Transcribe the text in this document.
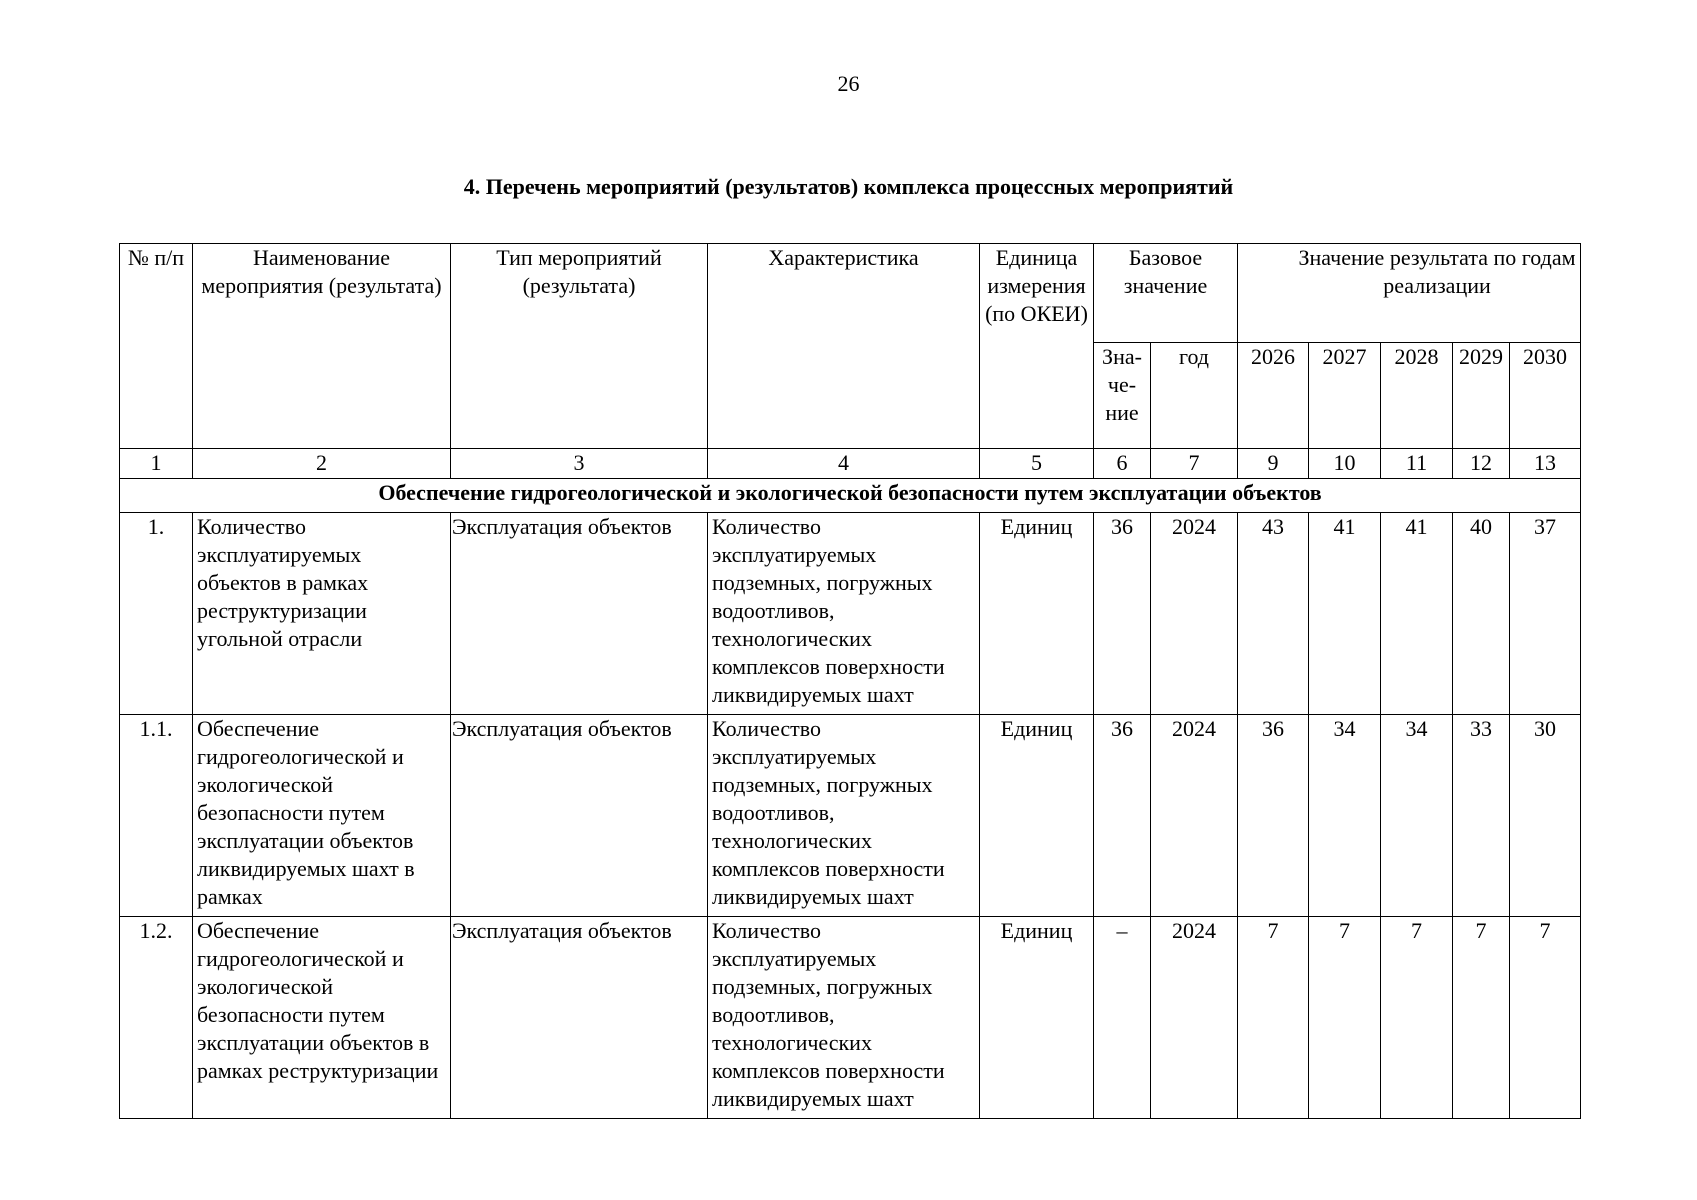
26
4. Перечень мероприятий (результатов) комплекса процессных мероприятий
№ п/п	Наименование мероприятия (результата)	Тип мероприятий (результата)	Характеристика	Единица измерения (по ОКЕИ)	Базовое значение		Значение результата по годам реализации				
					Зна-
че-
ние	год	2026	2027	2028	2029	2030
1	2	3	4	5	6	7	9	10	11	12	13
Обеспечение гидрогеологической и экологической безопасности путем эксплуатации объектов											
1.	Количество эксплуатируемых объектов в рамках реструктуризации угольной отрасли	Эксплуатация объектов	Количество эксплуатируемых подземных, погружных водоотливов, технологических комплексов поверхности ликвидируемых шахт	Единиц	36	2024	43	41	41	40	37
1.1.	Обеспечение гидрогеологической и экологической безопасности путем эксплуатации объектов ликвидируемых шахт в рамках	Эксплуатация объектов	Количество эксплуатируемых подземных, погружных водоотливов, технологических комплексов поверхности ликвидируемых шахт	Единиц	36	2024	36	34	34	33	30
1.2.	Обеспечение гидрогеологической и экологической безопасности путем эксплуатации объектов в рамках реструктуризации	Эксплуатация объектов	Количество эксплуатируемых подземных, погружных водоотливов, технологических комплексов поверхности ликвидируемых шахт	Единиц	–	2024	7	7	7	7	7
